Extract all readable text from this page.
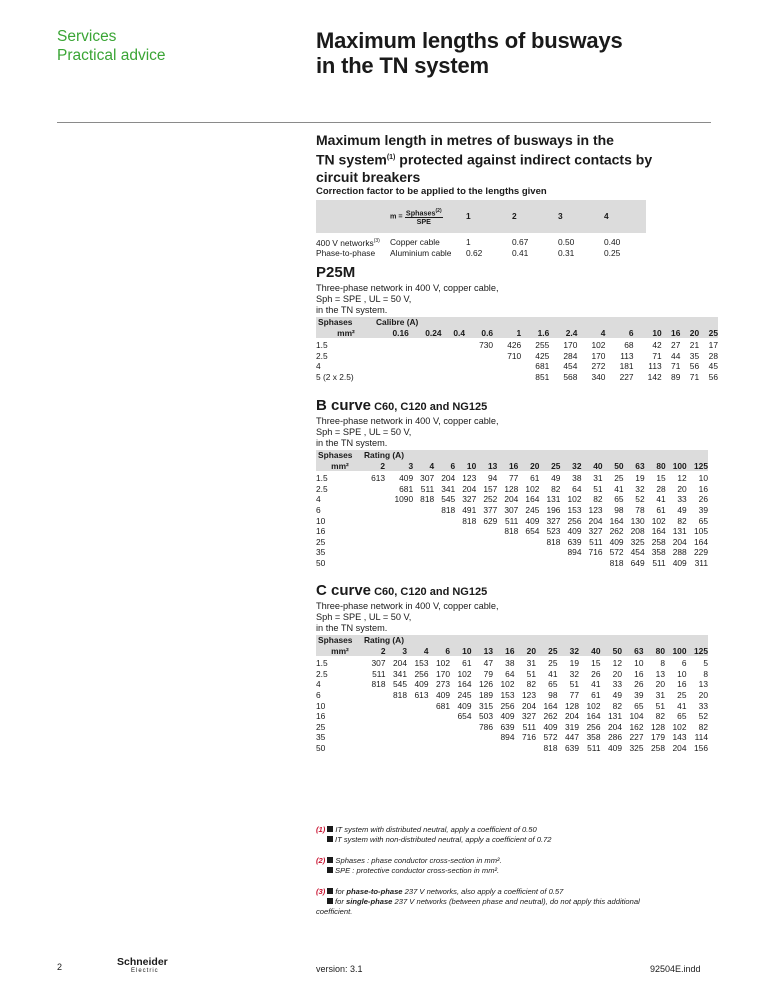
Services
Practical advice
Maximum lengths of busways
in the TN system
Maximum length in metres of busways in the
TN system$^{(1)}$ protected against indirect contacts by
circuit breakers
Correction factor to be applied to the lengths given
	$m = \frac{Sphases^{(2)}}{\text{SPE}}$	1	2	3	4
400 V networks$^{(3)}$	Copper cable	1	0.67	0.50	0.40
Phase-to-phase	Aluminium cable	0.62	0.41	0.31	0.25
P25M
Three-phase network in 400 V, copper cable,
Sph = SPE , UL = 50 V,
in the TN system.
Sphases	Calibre (A)												
mm²	0.16	0.24	0.4	0.6	1	1.6	2.4	4	6	10	16	20	25

1.5				730	426	255	170	102	68	42	27	21	17
2.5					710	425	284	170	113	71	44	35	28
4						681	454	272	181	113	71	56	45
5 (2 x 2.5)						851	568	340	227	142	89	71	56
B curve C60, C120 and NG125
Three-phase network in 400 V, copper cable,
Sph = SPE , UL = 50 V,
in the TN system.
Sphases	Rating (A)															
mm²	2	3	4	6	10	13	16	20	25	32	40	50	63	80	100	125

1.5	613	409	307	204	123	94	77	61	49	38	31	25	19	15	12	10
2.5		681	511	341	204	157	128	102	82	64	51	41	32	28	20	16
4		1090	818	545	327	252	204	164	131	102	82	65	52	41	33	26
6				818	491	377	307	245	196	153	123	98	78	61	49	39
10					818	629	511	409	327	256	204	164	130	102	82	65
16							818	654	523	409	327	262	208	164	131	105
25									818	639	511	409	325	258	204	164
35										894	716	572	454	358	288	229
50												818	649	511	409	311
C curve C60, C120 and NG125
Three-phase network in 400 V, copper cable,
Sph = SPE , UL = 50 V,
in the TN system.
Sphases	Rating (A)															
mm²	2	3	4	6	10	13	16	20	25	32	40	50	63	80	100	125

1.5	307	204	153	102	61	47	38	31	25	19	15	12	10	8	6	5
2.5	511	341	256	170	102	79	64	51	41	32	26	20	16	13	10	8
4	818	545	409	273	164	126	102	82	65	51	41	33	26	20	16	13
6		818	613	409	245	189	153	123	98	77	61	49	39	31	25	20
10				681	409	315	256	204	164	128	102	82	65	51	41	33
16					654	503	409	327	262	204	164	131	104	82	65	52
25						786	639	511	409	319	256	204	162	128	102	82
35							894	716	572	447	358	286	227	179	143	114
50									818	639	511	409	325	258	204	156
(1) IT system with distributed neutral, apply a coefficient of 0.50
IT system with non-distributed neutral, apply a coefficient of 0.72
(2) Sphases : phase conductor cross-section in mm².
SPE : protective conductor cross-section in mm².
(3) for phase-to-phase 237 V networks, also apply a coefficient of 0.57
for single-phase 237 V networks (between phase and neutral), do not apply this additional
coefficient.
2	Schneider
Electric	version: 3.1	92504E.indd
